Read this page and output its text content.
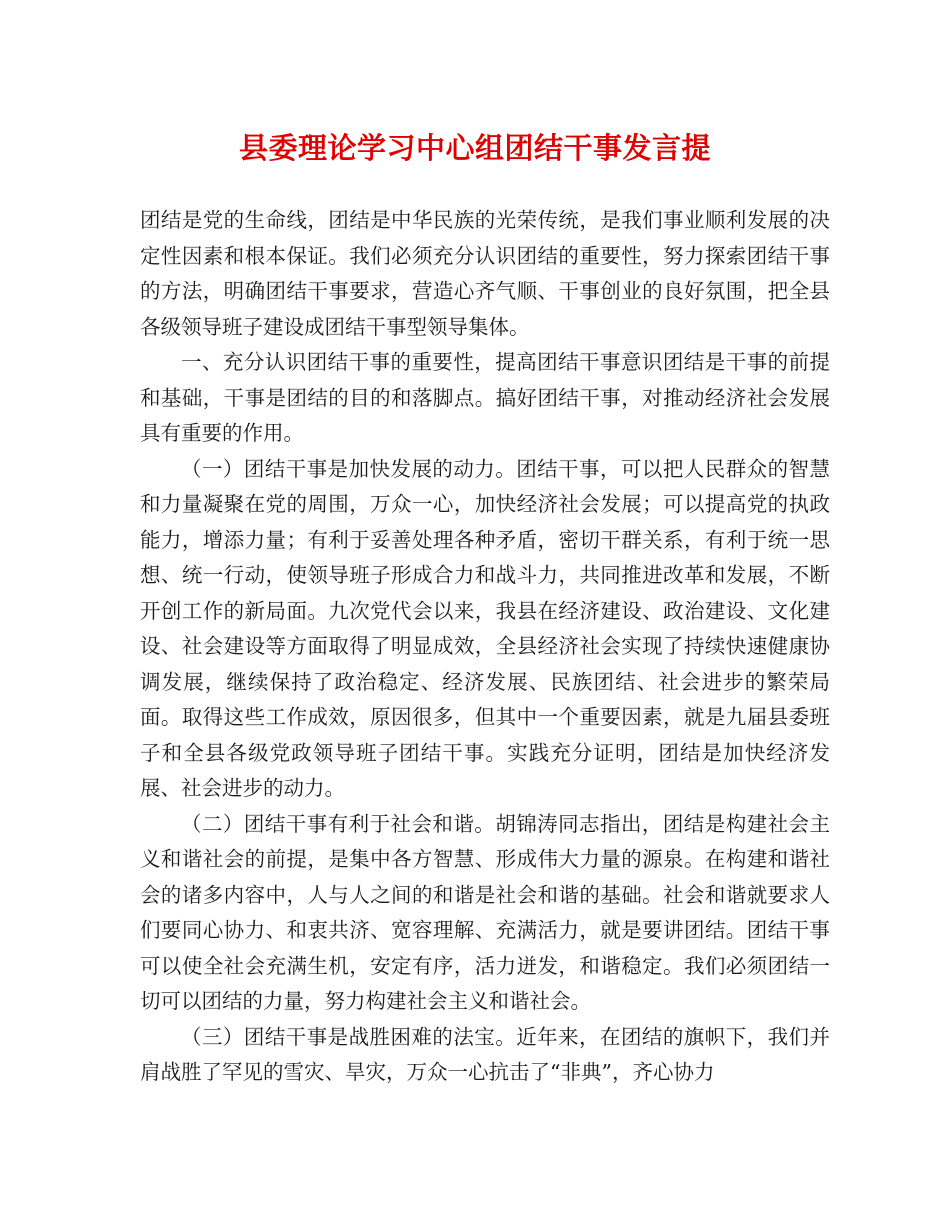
县委理论学习中心组团结干事发言提

团结是党的生命线，团结是中华民族的光荣传统，是我们事业顺利发展的决定性因素和根本保证。我们必须充分认识团结的重要性，努力探索团结干事的方法，明确团结干事要求，营造心齐气顺、干事创业的良好氛围，把全县各级领导班子建设成团结干事型领导集体。

一、充分认识团结干事的重要性，提高团结干事意识团结是干事的前提和基础，干事是团结的目的和落脚点。搞好团结干事，对推动经济社会发展具有重要的作用。

（一）团结干事是加快发展的动力。团结干事，可以把人民群众的智慧和力量凝聚在党的周围，万众一心，加快经济社会发展；可以提高党的执政能力，增添力量；有利于妥善处理各种矛盾，密切干群关系，有利于统一思想、统一行动，使领导班子形成合力和战斗力，共同推进改革和发展，不断开创工作的新局面。九次党代会以来，我县在经济建设、政治建设、文化建设、社会建设等方面取得了明显成效，全县经济社会实现了持续快速健康协调发展，继续保持了政治稳定、经济发展、民族团结、社会进步的繁荣局面。取得这些工作成效，原因很多，但其中一个重要因素，就是九届县委班子和全县各级党政领导班子团结干事。实践充分证明，团结是加快经济发展、社会进步的动力。

（二）团结干事有利于社会和谐。胡锦涛同志指出，团结是构建社会主义和谐社会的前提，是集中各方智慧、形成伟大力量的源泉。在构建和谐社会的诸多内容中，人与人之间的和谐是社会和谐的基础。社会和谐就要求人们要同心协力、和衷共济、宽容理解、充满活力，就是要讲团结。团结干事可以使全社会充满生机，安定有序，活力迸发，和谐稳定。我们必须团结一切可以团结的力量，努力构建社会主义和谐社会。

（三）团结干事是战胜困难的法宝。近年来，在团结的旗帜下，我们并肩战胜了罕见的雪灾、旱灾，万众一心抗击了“非典”，齐心协力
